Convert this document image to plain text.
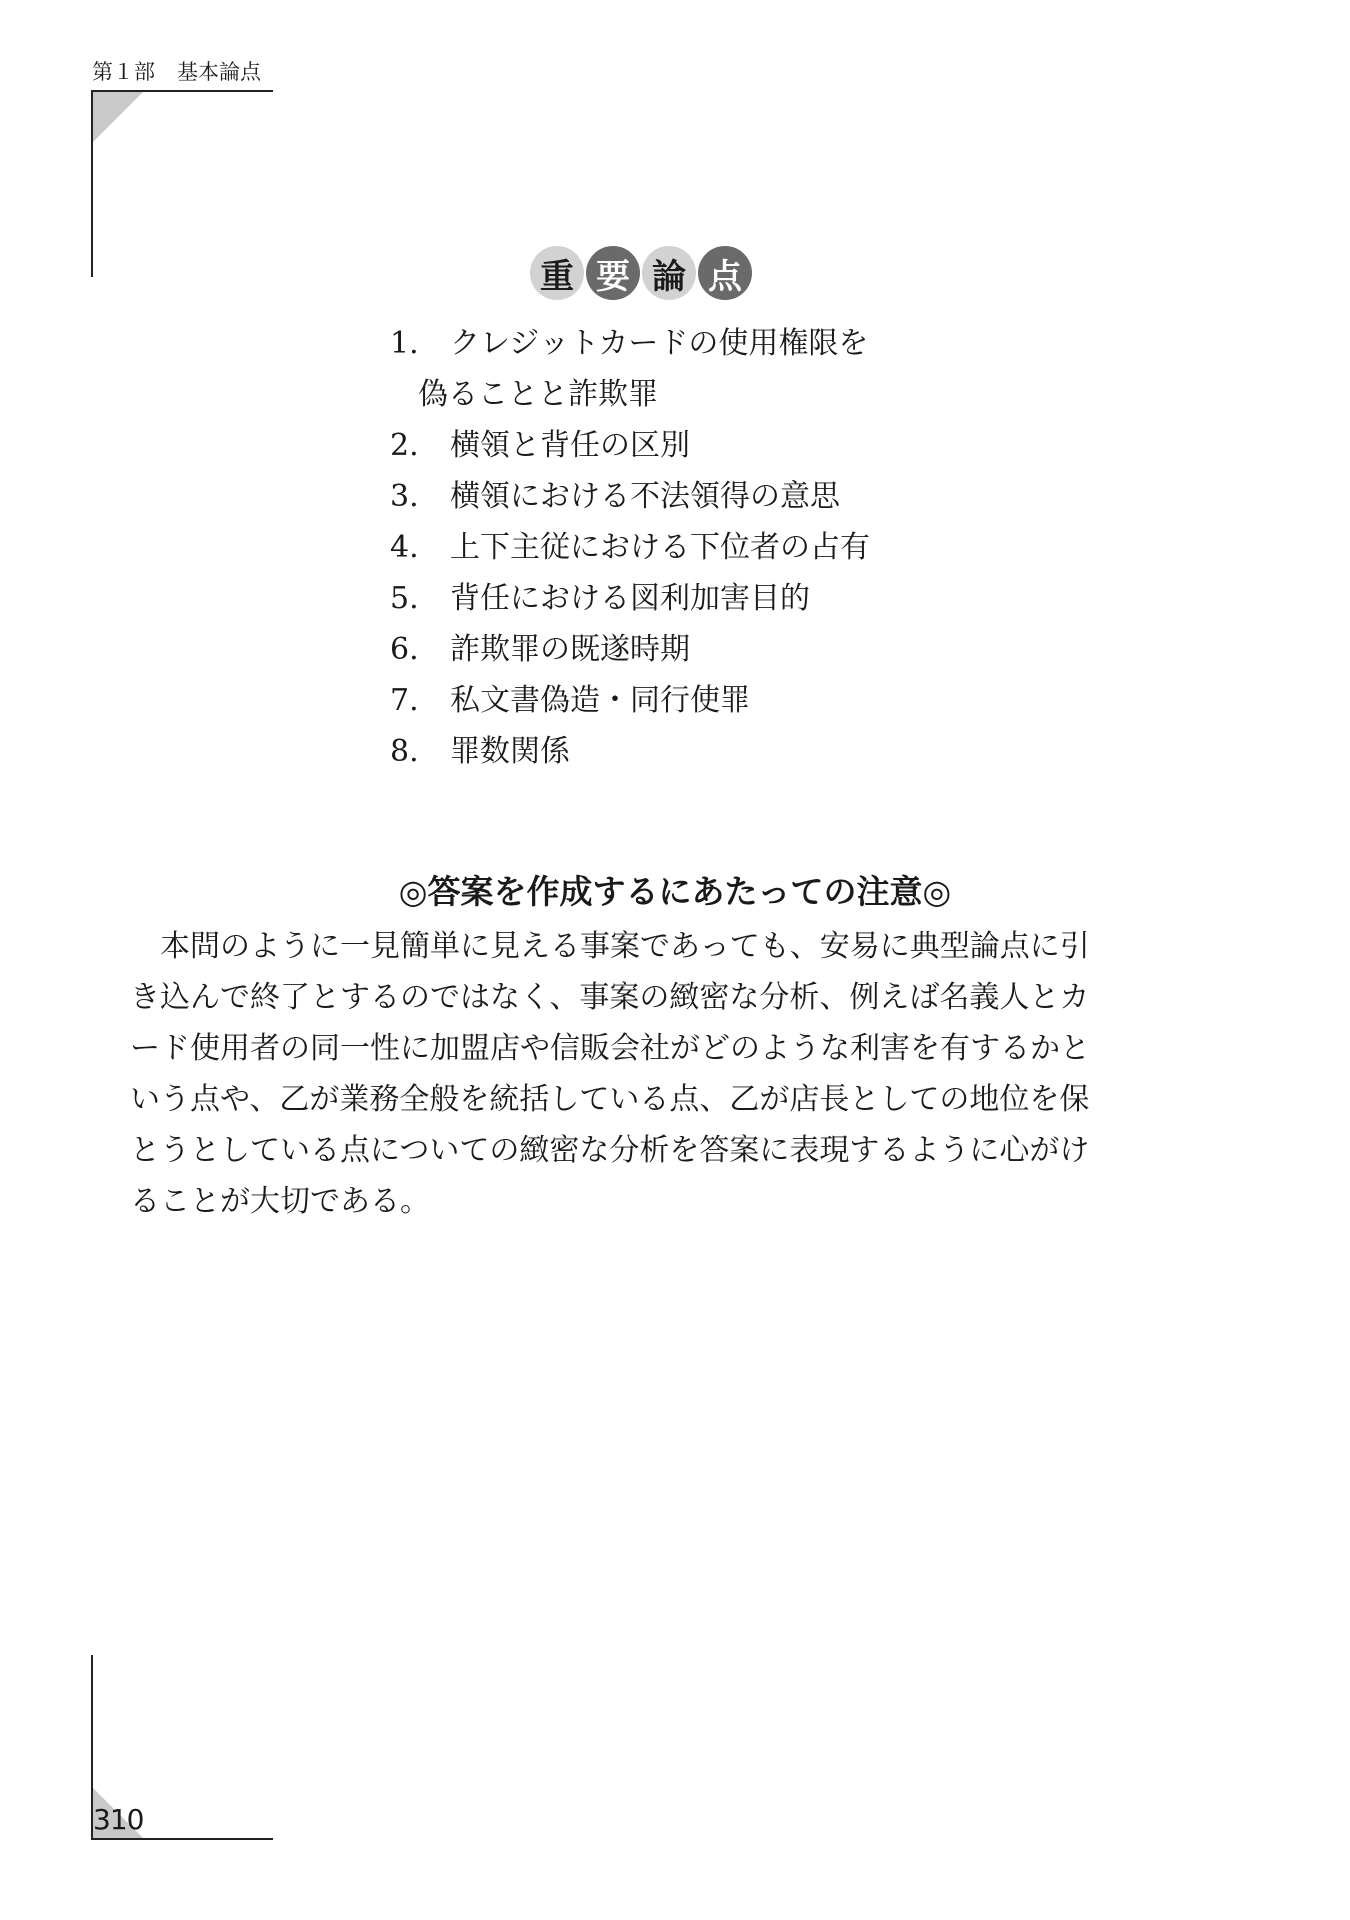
第１部 基本論点
重 要 論 点
1. クレジットカードの使用権限を
偽ることと詐欺罪
2. 横領と背任の区別
3. 横領における不法領得の意思
4. 上下主従における下位者の占有
5. 背任における図利加害目的
6. 詐欺罪の既遂時期
7. 私文書偽造・同行使罪
8. 罪数関係
◎答案を作成するにあたっての注意◎
　本問のように一見簡単に見える事案であっても、安易に典型論点に引
き込んで終了とするのではなく、事案の緻密な分析、例えば名義人とカ
ード使用者の同一性に加盟店や信販会社がどのような利害を有するかと
いう点や、乙が業務全般を統括している点、乙が店長としての地位を保
とうとしている点についての緻密な分析を答案に表現するように心がけ
ることが大切である。
310
